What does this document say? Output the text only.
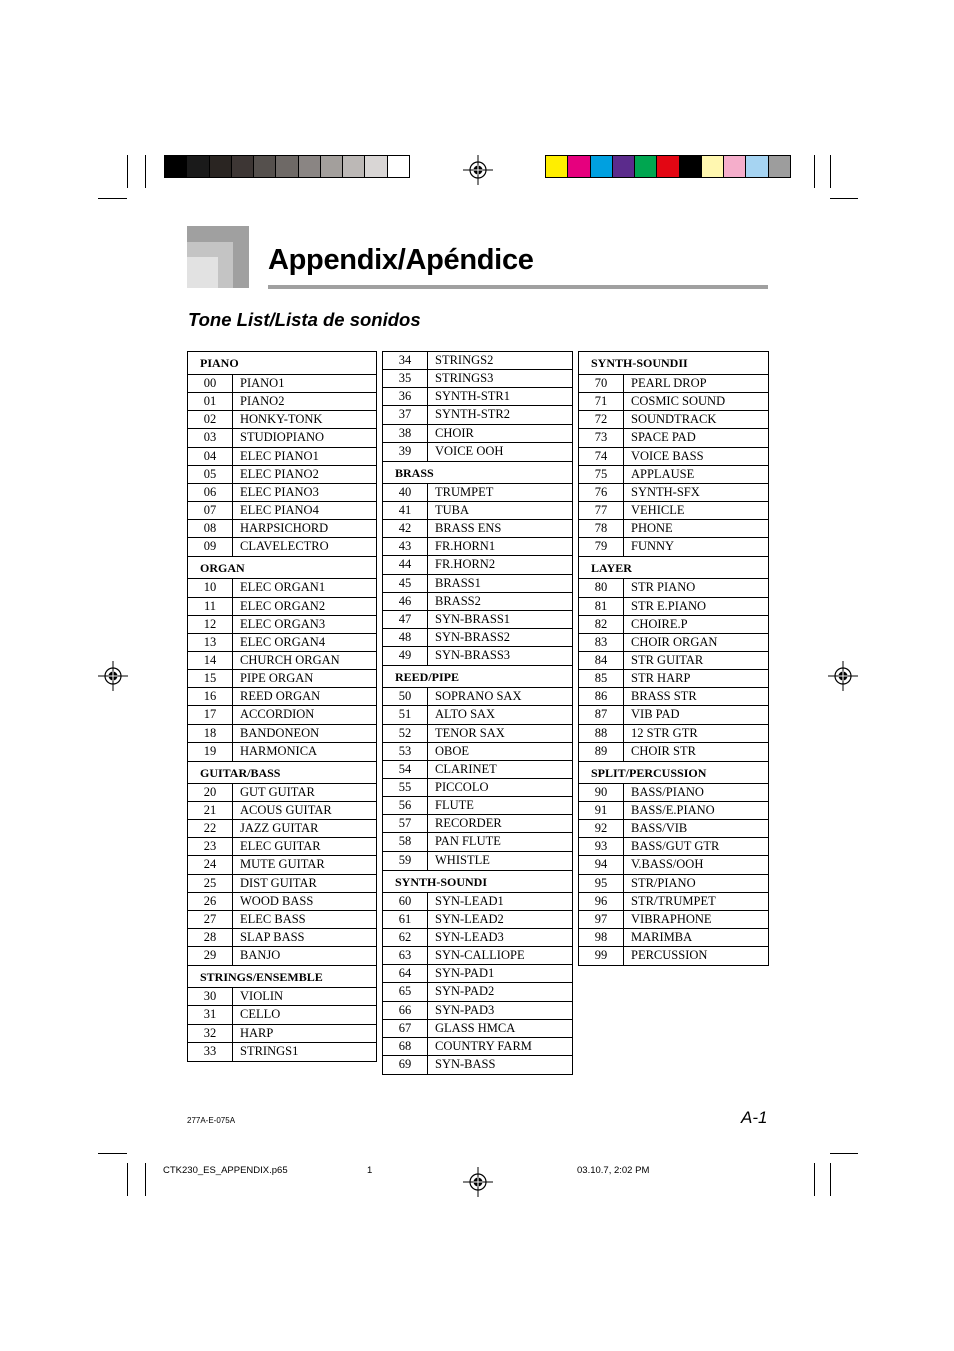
Appendix/Apéndice
Tone List/Lista de sonidos
PIANO
00	PIANO1
01	PIANO2
02	HONKY-TONK
03	STUDIOPIANO
04	ELEC PIANO1
05	ELEC PIANO2
06	ELEC PIANO3
07	ELEC PIANO4
08	HARPSICHORD
09	CLAVELECTRO
ORGAN
10	ELEC ORGAN1
11	ELEC ORGAN2
12	ELEC ORGAN3
13	ELEC ORGAN4
14	CHURCH ORGAN
15	PIPE ORGAN
16	REED ORGAN
17	ACCORDION
18	BANDONEON
19	HARMONICA
GUITAR/BASS
20	GUT GUITAR
21	ACOUS GUITAR
22	JAZZ GUITAR
23	ELEC GUITAR
24	MUTE GUITAR
25	DIST GUITAR
26	WOOD BASS
27	ELEC BASS
28	SLAP BASS
29	BANJO
STRINGS/ENSEMBLE
30	VIOLIN
31	CELLO
32	HARP
33	STRINGS1
34	STRINGS2
35	STRINGS3
36	SYNTH-STR1
37	SYNTH-STR2
38	CHOIR
39	VOICE OOH
BRASS
40	TRUMPET
41	TUBA
42	BRASS ENS
43	FR.HORN1
44	FR.HORN2
45	BRASS1
46	BRASS2
47	SYN-BRASS1
48	SYN-BRASS2
49	SYN-BRASS3
REED/PIPE
50	SOPRANO SAX
51	ALTO SAX
52	TENOR SAX
53	OBOE
54	CLARINET
55	PICCOLO
56	FLUTE
57	RECORDER
58	PAN FLUTE
59	WHISTLE
SYNTH-SOUNDI
60	SYN-LEAD1
61	SYN-LEAD2
62	SYN-LEAD3
63	SYN-CALLIOPE
64	SYN-PAD1
65	SYN-PAD2
66	SYN-PAD3
67	GLASS HMCA
68	COUNTRY FARM
69	SYN-BASS
SYNTH-SOUNDII
70	PEARL DROP
71	COSMIC SOUND
72	SOUNDTRACK
73	SPACE PAD
74	VOICE BASS
75	APPLAUSE
76	SYNTH-SFX
77	VEHICLE
78	PHONE
79	FUNNY
LAYER
80	STR PIANO
81	STR E.PIANO
82	CHOIRE.P
83	CHOIR ORGAN
84	STR GUITAR
85	STR HARP
86	BRASS STR
87	VIB PAD
88	12 STR GTR
89	CHOIR STR
SPLIT/PERCUSSION
90	BASS/PIANO
91	BASS/E.PIANO
92	BASS/VIB
93	BASS/GUT GTR
94	V.BASS/OOH
95	STR/PIANO
96	STR/TRUMPET
97	VIBRAPHONE
98	MARIMBA
99	PERCUSSION
277A-E-075A	A-1
CTK230_ES_APPENDIX.p65	1	03.10.7, 2:02 PM
